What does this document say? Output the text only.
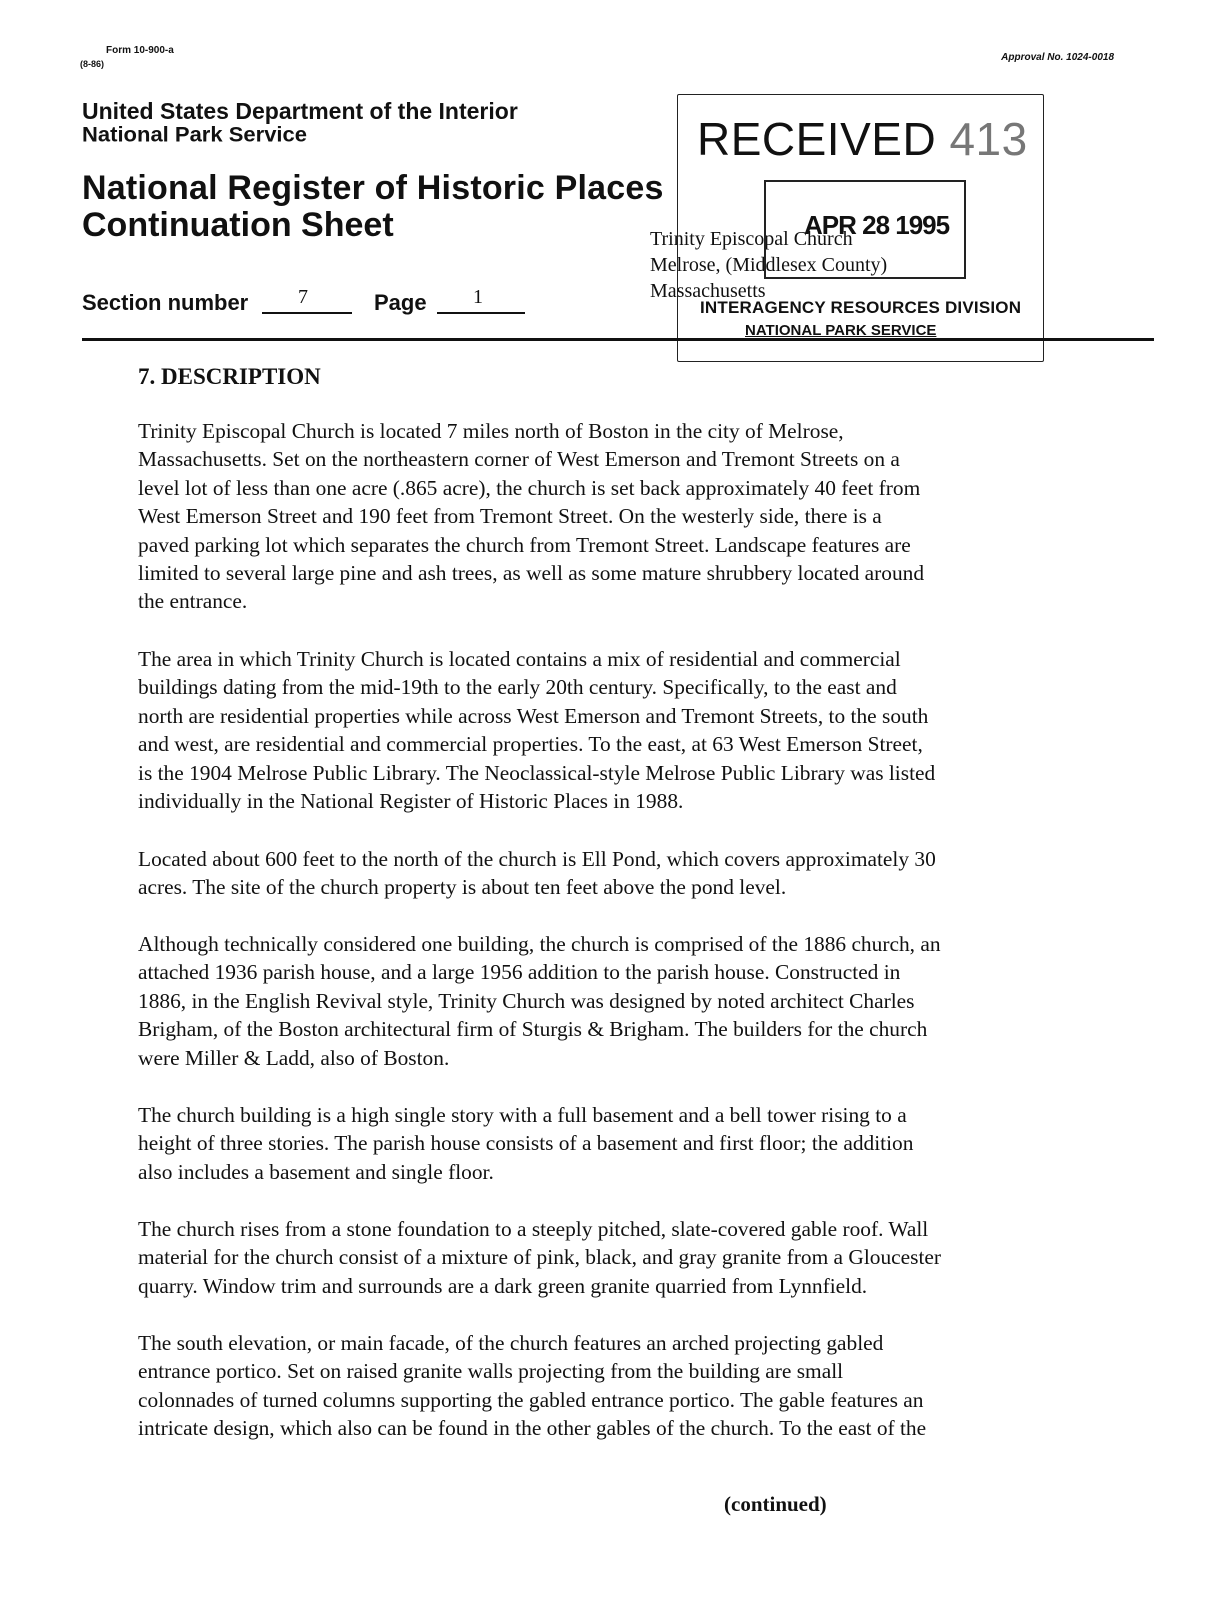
Form 10-900-a
(8-86)
Approval No. 1024-0018
United States Department of the Interior
National Park Service
National Register of Historic Places
Continuation Sheet
Section number 7	Page 1
Trinity Episcopal Church
Melrose, (Middlesex County)
Massachusetts
RECEIVED 413
APR 28 1995
INTERAGENCY RESOURCES DIVISION
NATIONAL PARK SERVICE
7. DESCRIPTION
Trinity Episcopal Church is located 7 miles north of Boston in the city of Melrose,
Massachusetts. Set on the northeastern corner of West Emerson and Tremont Streets on a
level lot of less than one acre (.865 acre), the church is set back approximately 40 feet from
West Emerson Street and 190 feet from Tremont Street. On the westerly side, there is a
paved parking lot which separates the church from Tremont Street. Landscape features are
limited to several large pine and ash trees, as well as some mature shrubbery located around
the entrance.
The area in which Trinity Church is located contains a mix of residential and commercial
buildings dating from the mid-19th to the early 20th century. Specifically, to the east and
north are residential properties while across West Emerson and Tremont Streets, to the south
and west, are residential and commercial properties. To the east, at 63 West Emerson Street,
is the 1904 Melrose Public Library. The Neoclassical-style Melrose Public Library was listed
individually in the National Register of Historic Places in 1988.
Located about 600 feet to the north of the church is Ell Pond, which covers approximately 30
acres. The site of the church property is about ten feet above the pond level.
Although technically considered one building, the church is comprised of the 1886 church, an
attached 1936 parish house, and a large 1956 addition to the parish house. Constructed in
1886, in the English Revival style, Trinity Church was designed by noted architect Charles
Brigham, of the Boston architectural firm of Sturgis & Brigham. The builders for the church
were Miller & Ladd, also of Boston.
The church building is a high single story with a full basement and a bell tower rising to a
height of three stories. The parish house consists of a basement and first floor; the addition
also includes a basement and single floor.
The church rises from a stone foundation to a steeply pitched, slate-covered gable roof. Wall
material for the church consist of a mixture of pink, black, and gray granite from a Gloucester
quarry. Window trim and surrounds are a dark green granite quarried from Lynnfield.
The south elevation, or main facade, of the church features an arched projecting gabled
entrance portico. Set on raised granite walls projecting from the building are small
colonnades of turned columns supporting the gabled entrance portico. The gable features an
intricate design, which also can be found in the other gables of the church. To the east of the
(continued)
